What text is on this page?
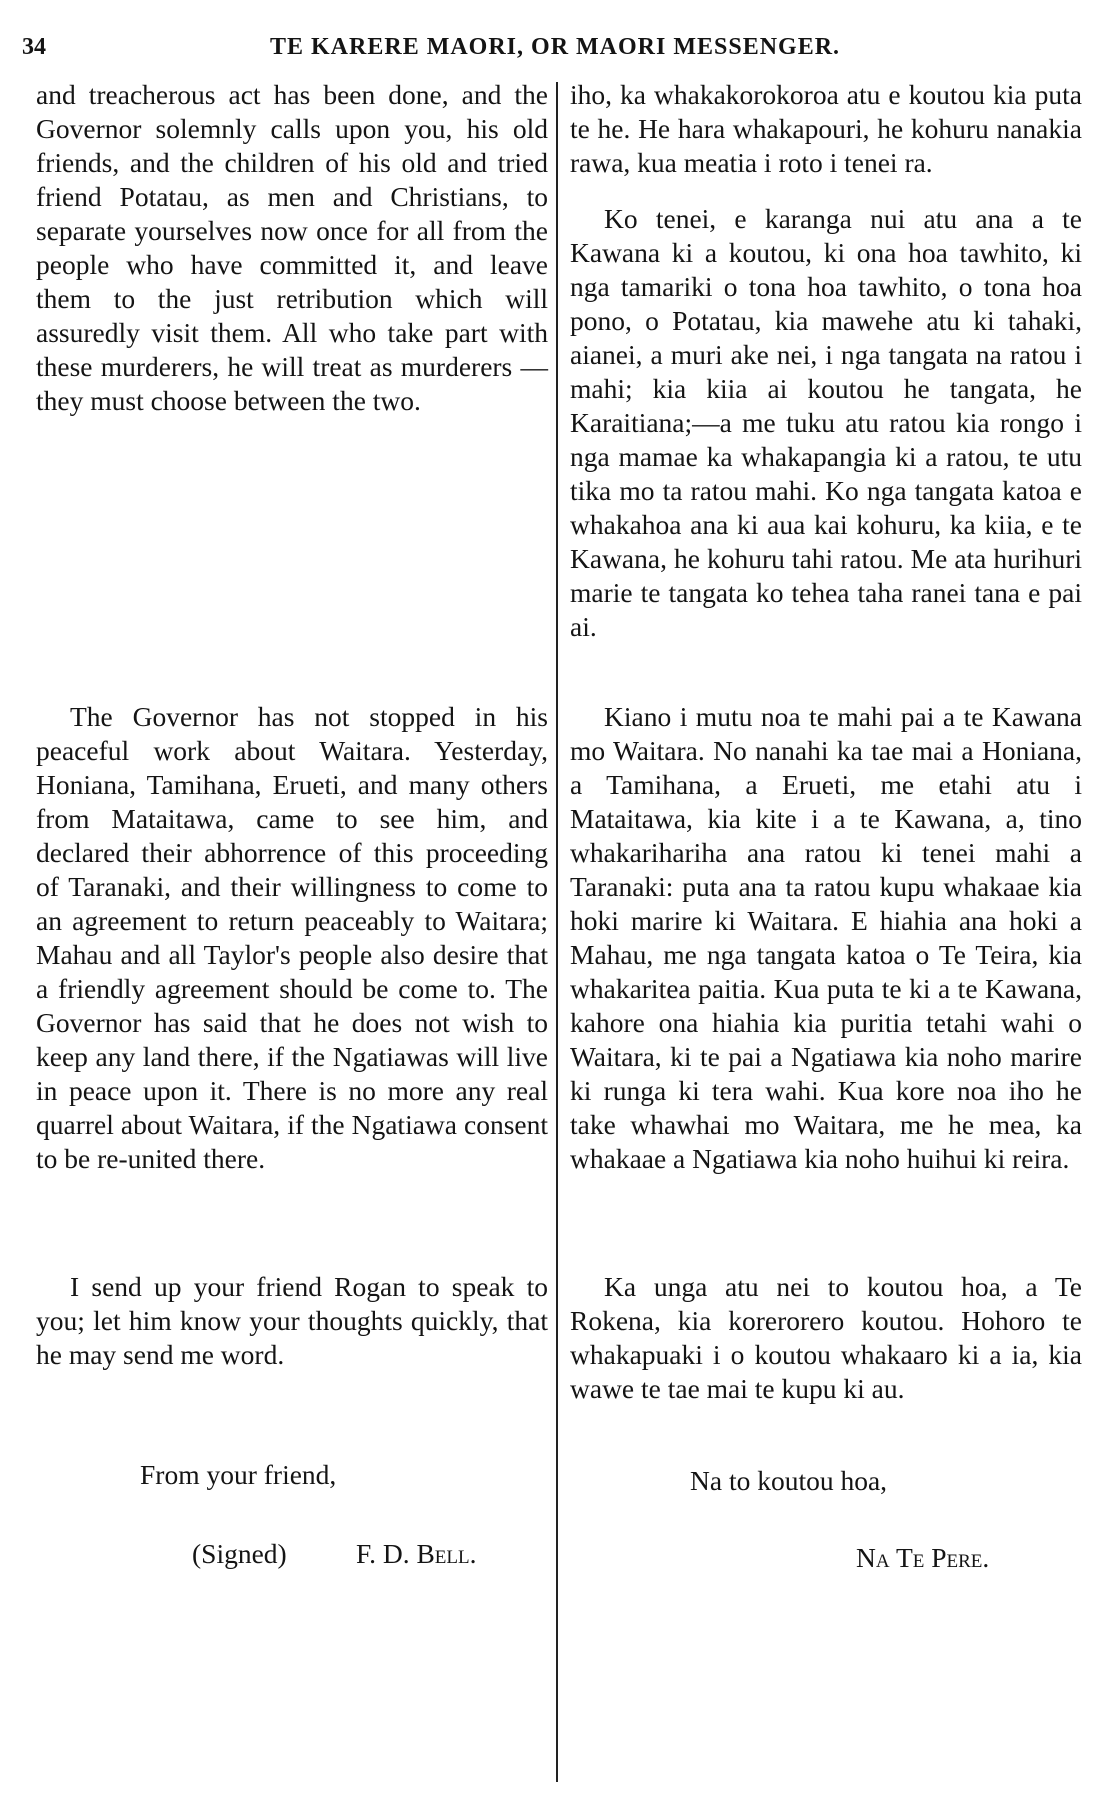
34	TE KARERE MAORI, OR MAORI MESSENGER.

and treacherous act has been done, and the Governor solemnly calls upon you, his old friends, and the children of his old and tried friend Potatau, as men and Christians, to separate yourselves now once for all from the people who have committed it, and leave them to the just retribution which will assuredly visit them. All who take part with these murderers, he will treat as murderers —they must choose between the two.

The Governor has not stopped in his peaceful work about Waitara. Yesterday, Honiana, Tamihana, Erueti, and many others from Mataitawa, came to see him, and declared their abhorrence of this proceeding of Taranaki, and their willingness to come to an agreement to return peaceably to Waitara; Mahau and all Taylor's people also desire that a friendly agreement should be come to. The Governor has said that he does not wish to keep any land there, if the Ngatiawas will live in peace upon it. There is no more any real quarrel about Waitara, if the Ngatiawa consent to be re-united there.

I send up your friend Rogan to speak to you; let him know your thoughts quickly, that he may send me word.

From your friend,
(Signed)	F. D. Bell.

iho, ka whakakorokoroa atu e koutou kia puta te he. He hara whakapouri, he kohuru nanakia rawa, kua meatia i roto i tenei ra.

Ko tenei, e karanga nui atu ana a te Kawana ki a koutou, ki ona hoa tawhito, ki nga tamariki o tona hoa tawhito, o tona hoa pono, o Potatau, kia mawehe atu ki tahaki, aianei, a muri ake nei, i nga tangata na ratou i mahi; kia kiia ai koutou he tangata, he Karaitiana;—a me tuku atu ratou kia rongo i nga mamae ka whakapangia ki a ratou, te utu tika mo ta ratou mahi. Ko nga tangata katoa e whakahoa ana ki aua kai kohuru, ka kiia, e te Kawana, he kohuru tahi ratou. Me ata hurihuri marie te tangata ko tehea taha ranei tana e pai ai.

Kiano i mutu noa te mahi pai a te Kawana mo Waitara. No nanahi ka tae mai a Honiana, a Tamihana, a Erueti, me etahi atu i Mataitawa, kia kite i a te Kawana, a, tino whakarihariha ana ratou ki tenei mahi a Taranaki: puta ana ta ratou kupu whakaae kia hoki marire ki Waitara. E hiahia ana hoki a Mahau, me nga tangata katoa o Te Teira, kia whakaritea paitia. Kua puta te ki a te Kawana, kahore ona hiahia kia puritia tetahi wahi o Waitara, ki te pai a Ngatiawa kia noho marire ki runga ki tera wahi. Kua kore noa iho he take whawhai mo Waitara, me he mea, ka whakaae a Ngatiawa kia noho huihui ki reira.

Ka unga atu nei to koutou hoa, a Te Rokena, kia korerorero koutou. Hohoro te whakapuaki i o koutou whakaaro ki a ia, kia wawe te tae mai te kupu ki au.

Na to koutou hoa,
Na Te Pere.
